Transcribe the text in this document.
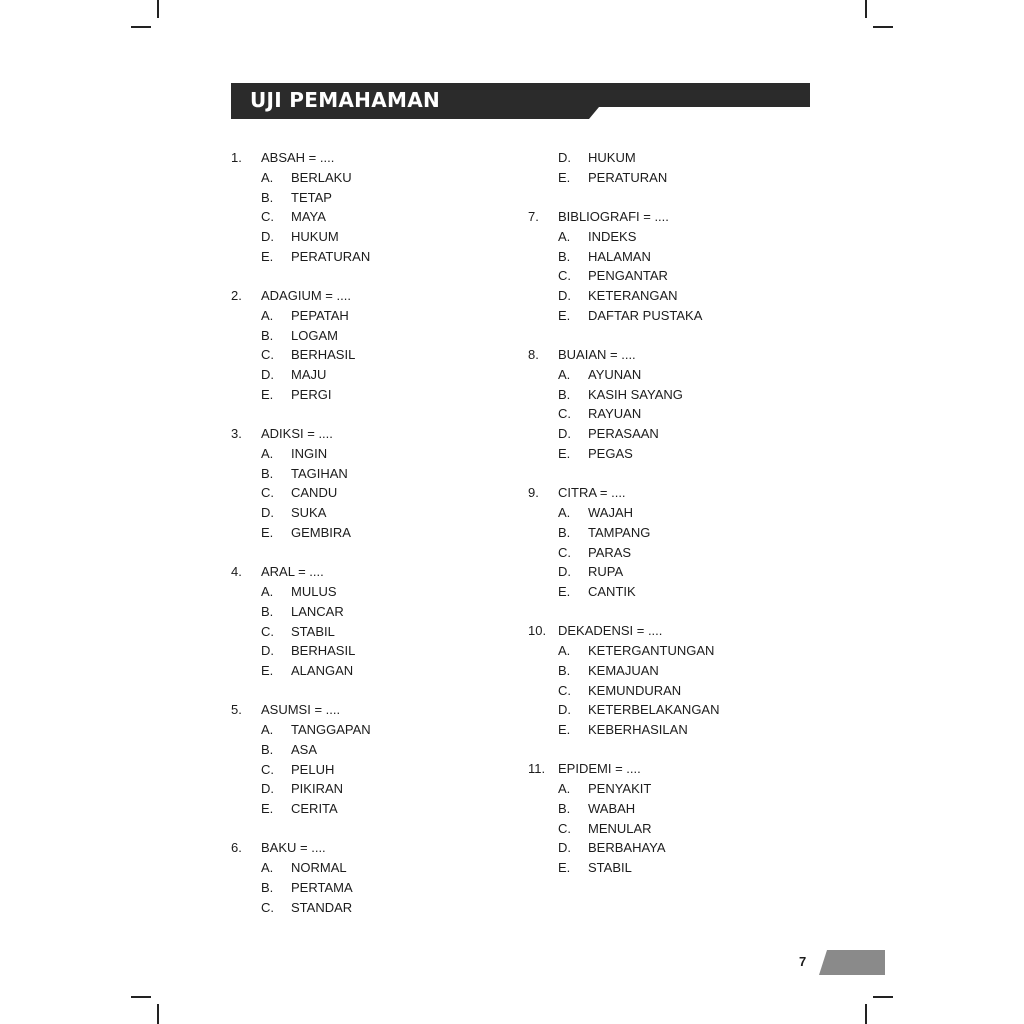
UJI PEMAHAMAN
1. ABSAH = ....
A. BERLAKU
B. TETAP
C. MAYA
D. HUKUM
E. PERATURAN
2. ADAGIUM = ....
A. PEPATAH
B. LOGAM
C. BERHASIL
D. MAJU
E. PERGI
3. ADIKSI = ....
A. INGIN
B. TAGIHAN
C. CANDU
D. SUKA
E. GEMBIRA
4. ARAL = ....
A. MULUS
B. LANCAR
C. STABIL
D. BERHASIL
E. ALANGAN
5. ASUMSI = ....
A. TANGGAPAN
B. ASA
C. PELUH
D. PIKIRAN
E. CERITA
6. BAKU = ....
A. NORMAL
B. PERTAMA
C. STANDAR
D. HUKUM
E. PERATURAN
7. BIBLIOGRAFI = ....
A. INDEKS
B. HALAMAN
C. PENGANTAR
D. KETERANGAN
E. DAFTAR PUSTAKA
8. BUAIAN = ....
A. AYUNAN
B. KASIH SAYANG
C. RAYUAN
D. PERASAAN
E. PEGAS
9. CITRA = ....
A. WAJAH
B. TAMPANG
C. PARAS
D. RUPA
E. CANTIK
10. DEKADENSI = ....
A. KETERGANTUNGAN
B. KEMAJUAN
C. KEMUNDURAN
D. KETERBELAKANGAN
E. KEBERHASILAN
11. EPIDEMI = ....
A. PENYAKIT
B. WABAH
C. MENULAR
D. BERBAHAYA
E. STABIL
7
